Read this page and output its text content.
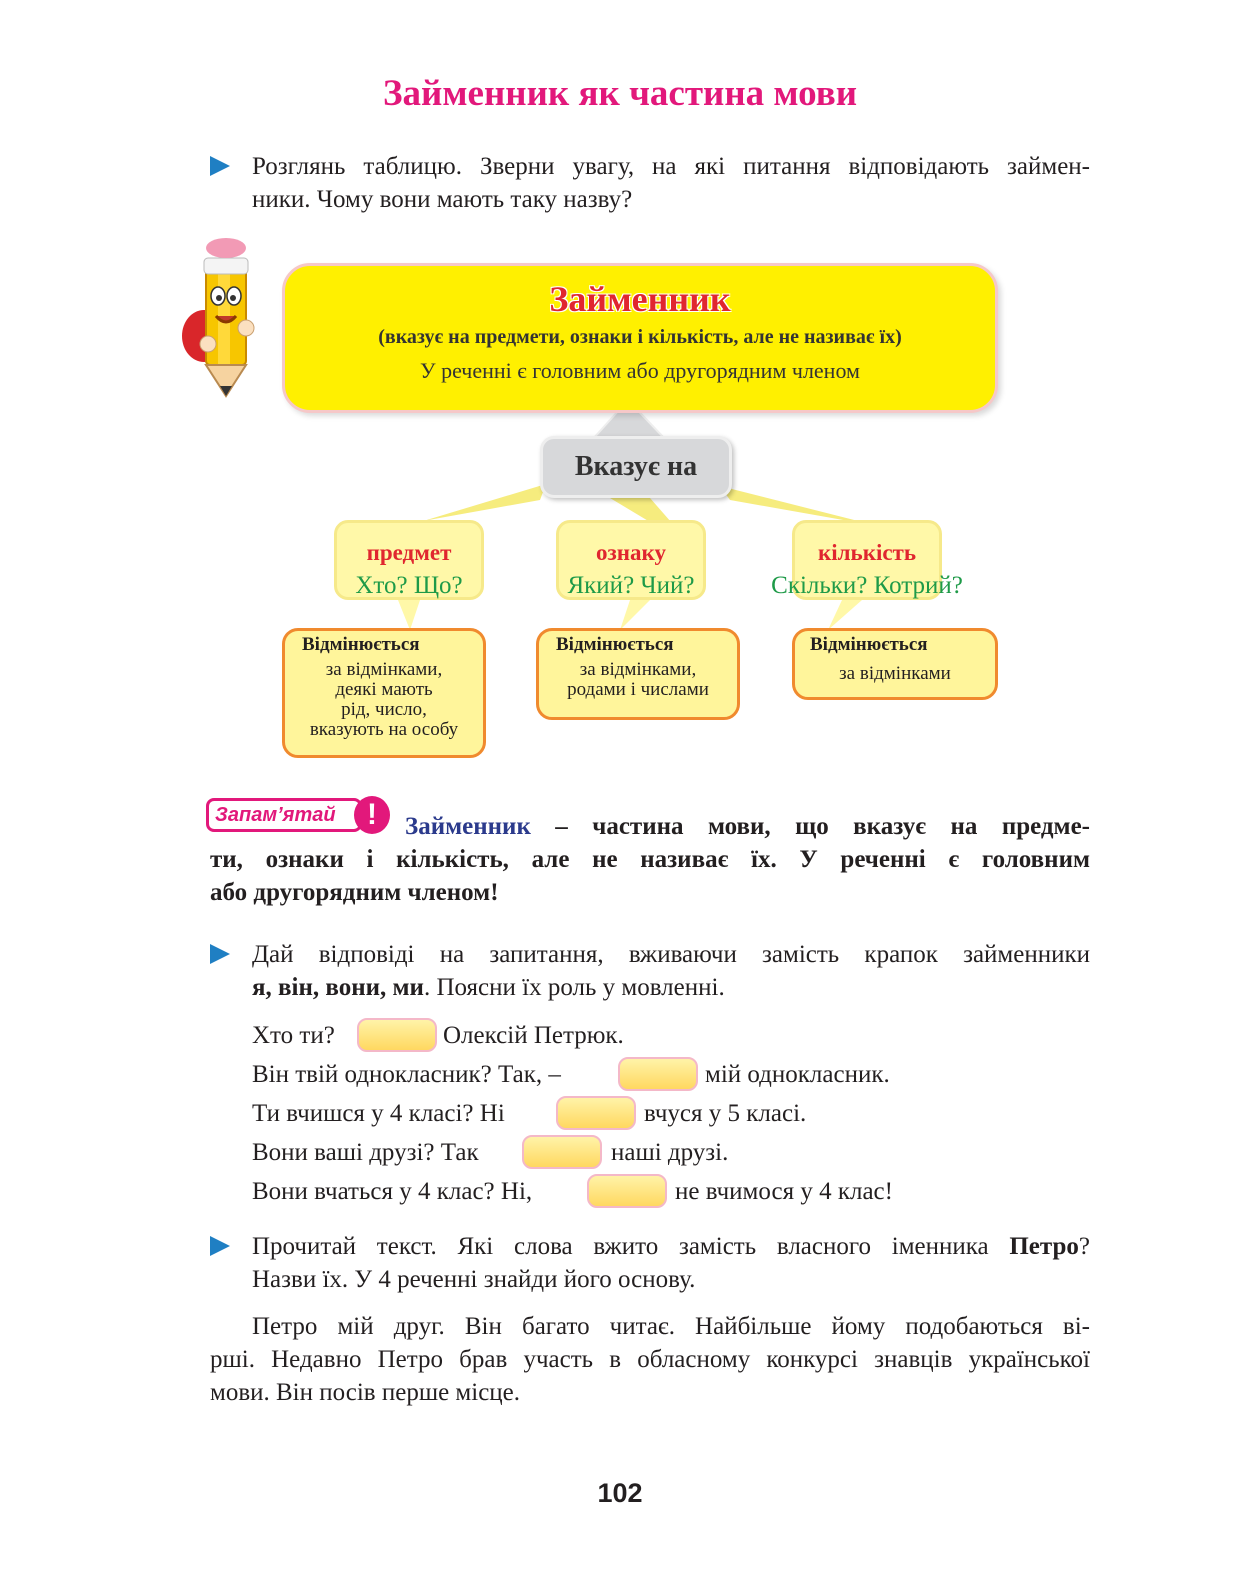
Займенник як частина мови
Розглянь таблицю. Зверни увагу, на які питання відповідають займен-
ники. Чому вони мають таку назву?
Займенник
(вказує на предмети, ознаки і кількість, але не називає їх)
У реченні є головним або другорядним членом
Вказує на
предмет
Хто? Що?
ознаку
Який? Чий?
кількість
Скільки? Котрий?
Відмінюється
за відмінками,
деякі мають
рід, число,
вказують на особу
Відмінюється
за відмінками,
родами і числами
Відмінюється
за відмінками
Запам’ятай	!	Займенник – частина мови, що вказує на предме-
ти, ознаки і кількість, але не називає їх. У реченні є головним
або другорядним членом!
Дай відповіді на запитання, вживаючи замість крапок займенники
я, він, вони, ми. Поясни їх роль у мовленні.
Хто ти?	Олексій Петрюк.
Він твій однокласник? Так, –	мій однокласник.
Ти вчишся у 4 класі? Ні	вчуся у 5 класі.
Вони ваші друзі? Так	наші друзі.
Вони вчаться у 4 клас? Ні,	не вчимося у 4 клас!
Прочитай текст. Які слова вжито замість власного іменника Петро?
Назви їх. У 4 реченні знайди його основу.
Петро мій друг. Він багато читає. Найбільше йому подобаються ві-
рші. Недавно Петро брав участь в обласному конкурсі знавців української
мови. Він посів перше місце.
102
